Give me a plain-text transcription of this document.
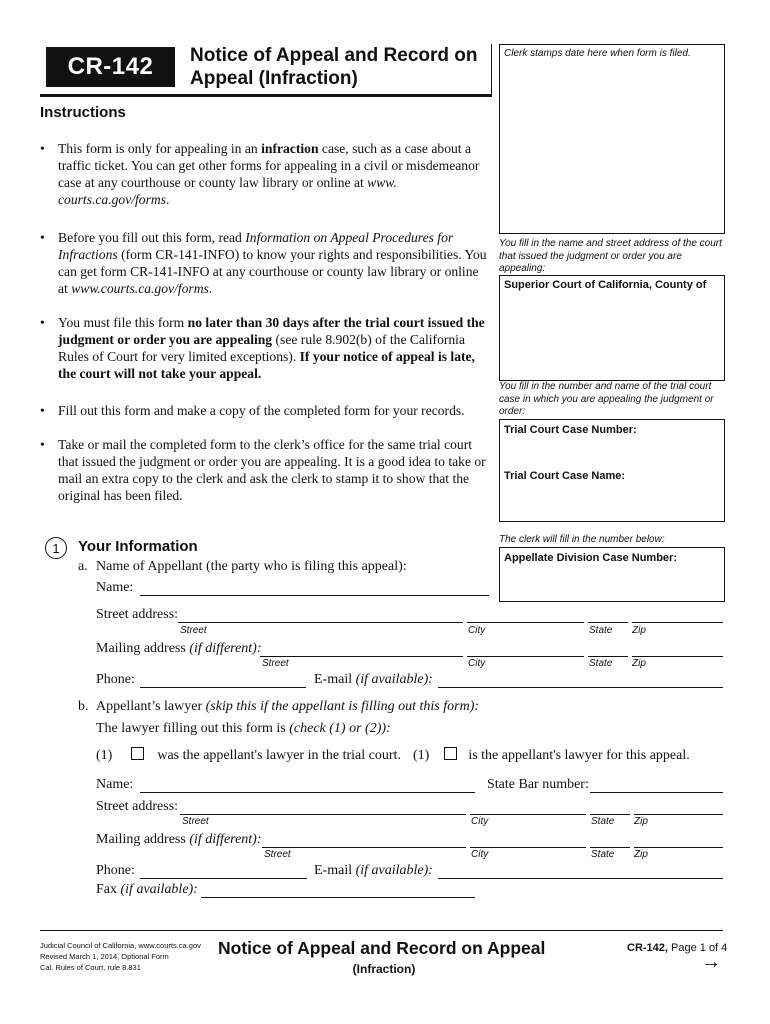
CR-142	Notice of Appeal and Record on
Appeal (Infraction)
Clerk stamps date here when form is filed.
Instructions
• This form is only for appealing in an infraction case, such as a case about a traffic ticket. You can get other forms for appealing in a civil or misdemeanor case at any courthouse or county law library or online at www. courts.ca.gov/forms.
• Before you fill out this form, read Information on Appeal Procedures for Infractions (form CR-141-INFO) to know your rights and responsibilities. You can get form CR-141-INFO at any courthouse or county law library or online at www.courts.ca.gov/forms.
• You must file this form no later than 30 days after the trial court issued the judgment or order you are appealing (see rule 8.902(b) of the California Rules of Court for very limited exceptions). If your notice of appeal is late, the court will not take your appeal.
• Fill out this form and make a copy of the completed form for your records.
• Take or mail the completed form to the clerk’s office for the same trial court that issued the judgment or order you are appealing. It is a good idea to take or mail an extra copy to the clerk and ask the clerk to stamp it to show that the original has been filed.
You fill in the name and street address of the court that issued the judgment or order you are appealing:
Superior Court of California, County of
You fill in the number and name of the trial court case in which you are appealing the judgment or order:
Trial Court Case Number:
Trial Court Case Name:
The clerk will fill in the number below:
Appellate Division Case Number:
1	Your Information
a. Name of Appellant (the party who is filing this appeal):
Name:
Street address:
Street	City	State Zip
Mailing address (if different):
Street	City	State Zip
Phone:	E-mail (if available):
b. Appellant’s lawyer (skip this if the appellant is filling out this form):
The lawyer filling out this form is (check (1) or (2)):
(1)	was the appellant's lawyer in the trial court. (1)	is the appellant's lawyer for this appeal.
Name:	State Bar number:
Street address:
Street	City	State Zip
Mailing address (if different):
Street	City	State Zip
Phone:	E-mail (if available):
Fax (if available):
Judicial Council of California, www.courts.ca.gov
Revised March 1, 2014, Optional Form
Cal. Rules of Court, rule 8.831
Notice of Appeal and Record on Appeal
(Infraction)
CR-142, Page 1 of 4
→
